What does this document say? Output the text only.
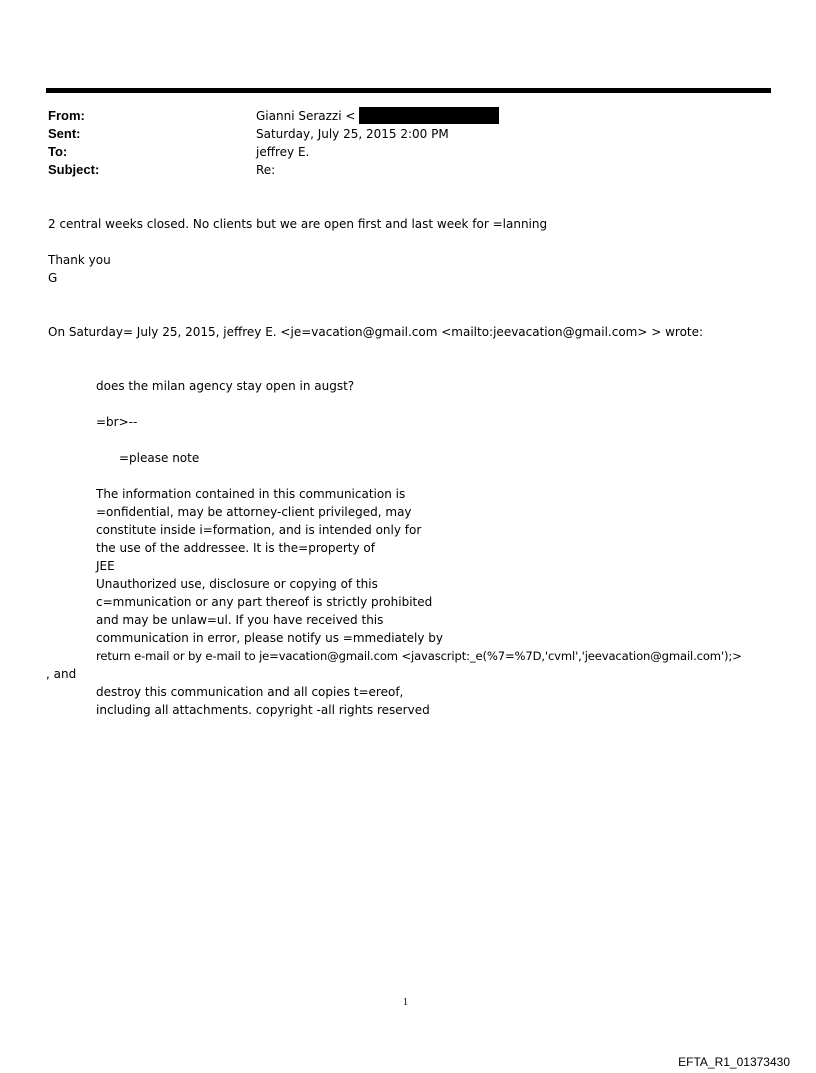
From:	Gianni Serazzi <
Sent:	Saturday, July 25, 2015 2:00 PM
To:	jeffrey E.
Subject:	Re:
2 central weeks closed. No clients but we are open first and last week for =lanning
Thank you
G
On Saturday= July 25, 2015, jeffrey E. <je=vacation@gmail.com <mailto:jeevacation@gmail.com> > wrote:
does the milan agency stay open in augst?
=br>--
=please note
The information contained in this communication is
=onfidential, may be attorney-client privileged, may
constitute inside i=formation, and is intended only for
the use of the addressee. It is the=property of
JEE
Unauthorized use, disclosure or copying of this
c=mmunication or any part thereof is strictly prohibited
and may be unlaw=ul. If you have received this
communication in error, please notify us =mmediately by
return e-mail or by e-mail to je=vacation@gmail.com <javascript:_e(%7=%7D,'cvml','jeevacation@gmail.com');>
, and
destroy this communication and all copies t=ereof,
including all attachments. copyright -all rights reserved
1
EFTA_R1_01373430
